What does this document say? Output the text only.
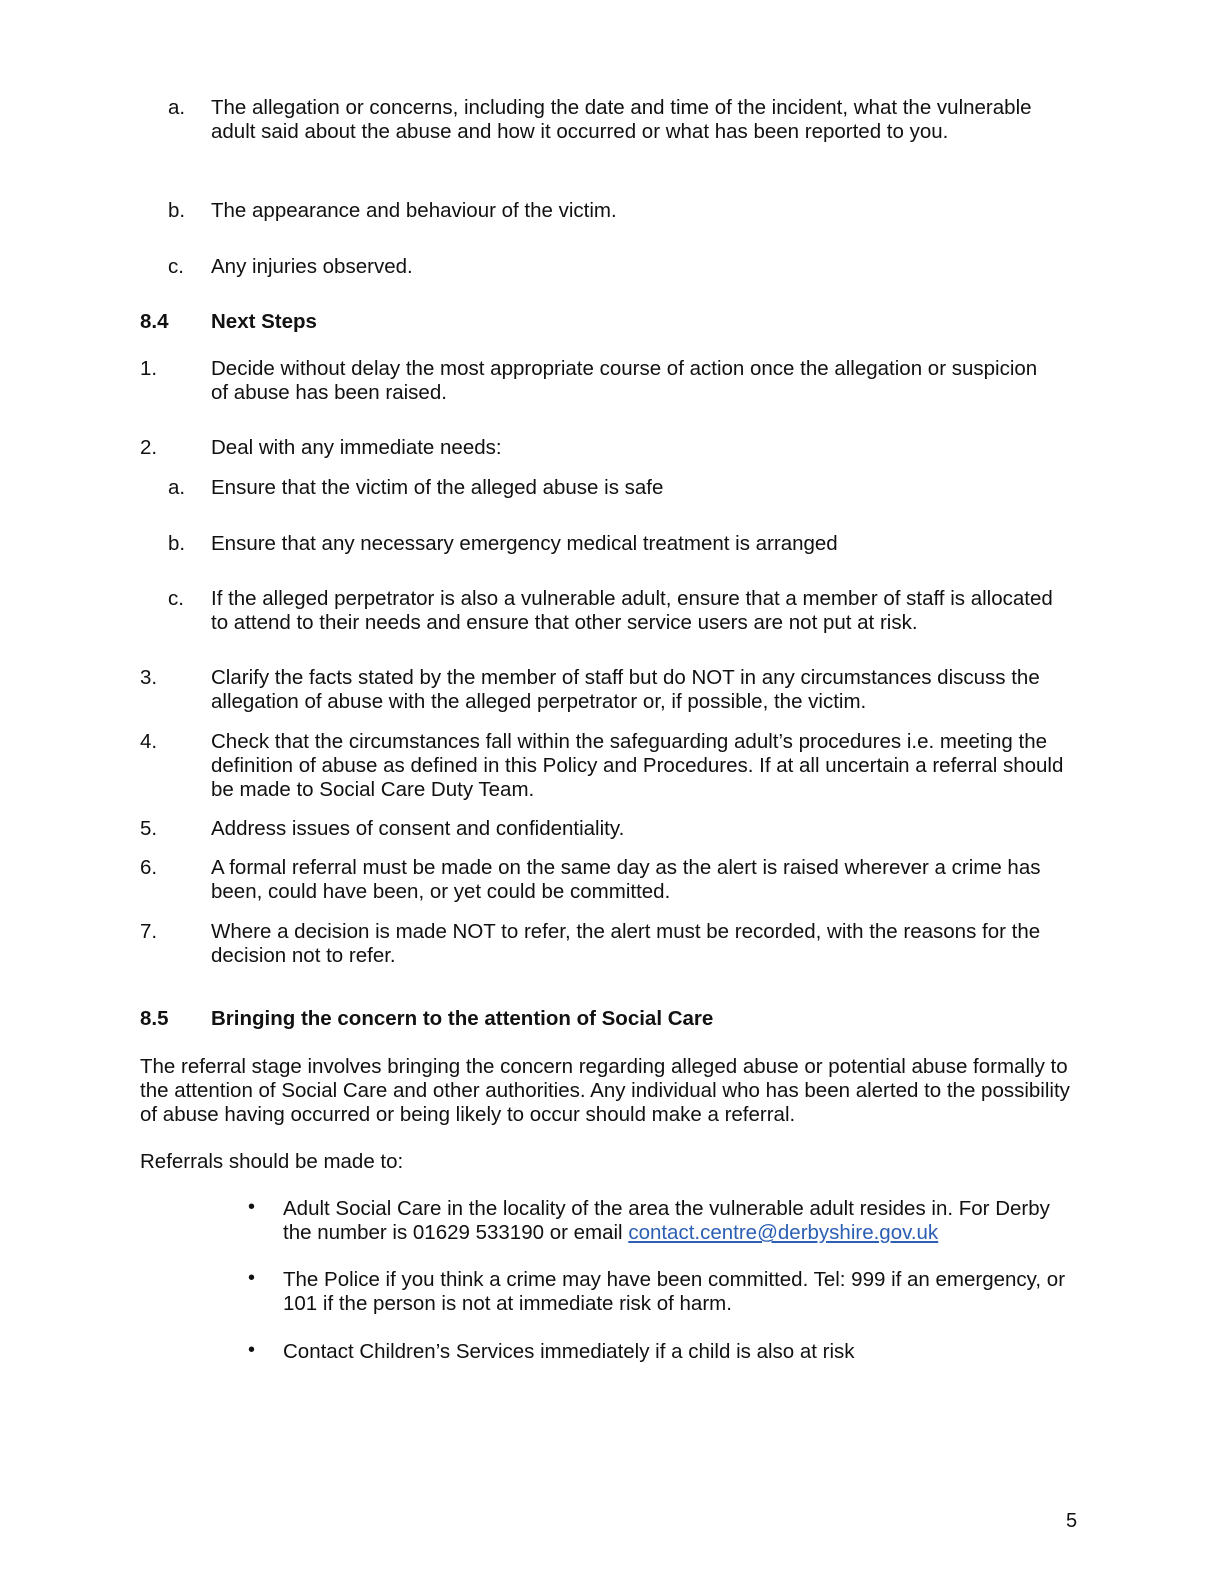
a. The allegation or concerns, including the date and time of the incident, what the vulnerable adult said about the abuse and how it occurred or what has been reported to you.
b. The appearance and behaviour of the victim.
c. Any injuries observed.
8.4 Next Steps
1.	Decide without delay the most appropriate course of action once the allegation or suspicion of abuse has been raised.
2.	Deal with any immediate needs:
a. Ensure that the victim of the alleged abuse is safe
b. Ensure that any necessary emergency medical treatment is arranged
c. If the alleged perpetrator is also a vulnerable adult, ensure that a member of staff is allocated to attend to their needs and ensure that other service users are not put at risk.
3.	Clarify the facts stated by the member of staff but do NOT in any circumstances discuss the allegation of abuse with the alleged perpetrator or, if possible, the victim.
4.	Check that the circumstances fall within the safeguarding adult’s procedures i.e. meeting the definition of abuse as defined in this Policy and Procedures. If at all uncertain a referral should be made to Social Care Duty Team.
5.	Address issues of consent and confidentiality.
6.	A formal referral must be made on the same day as the alert is raised wherever a crime has been, could have been, or yet could be committed.
7.	Where a decision is made NOT to refer, the alert must be recorded, with the reasons for the decision not to refer.
8.5 Bringing the concern to the attention of Social Care
The referral stage involves bringing the concern regarding alleged abuse or potential abuse formally to the attention of Social Care and other authorities. Any individual who has been alerted to the possibility of abuse having occurred or being likely to occur should make a referral.
Referrals should be made to:
• Adult Social Care in the locality of the area the vulnerable adult resides in. For Derby the number is 01629 533190 or email contact.centre@derbyshire.gov.uk
• The Police if you think a crime may have been committed. Tel: 999 if an emergency, or 101 if the person is not at immediate risk of harm.
• Contact Children’s Services immediately if a child is also at risk
5
